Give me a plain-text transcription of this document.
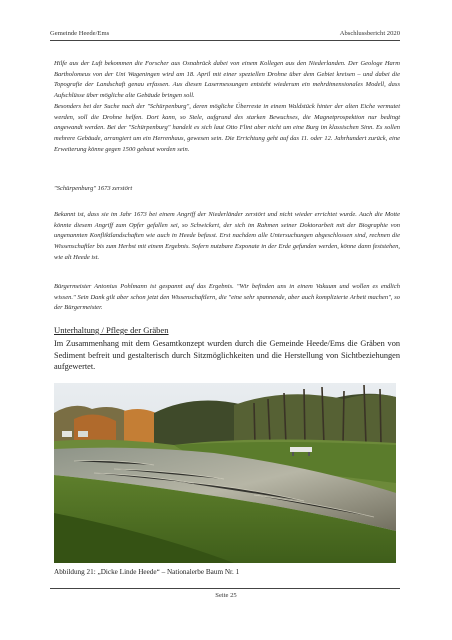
Gemeinde Heede/Ems	Abschlussbericht 2020

Hilfe aus der Luft bekommen die Forscher aus Osnabrück dabei von einem Kollegen aus den Niederlanden. Der Geologe Harm Bartholomeus von der Uni Wageningen wird am 18. April mit einer speziellen Drohne über dem Gebiet kreisen – und dabei die Topografie der Landschaft genau erfassen. Aus diesen Lasermessungen entsteht wiederum ein mehrdimensionales Modell, dass Aufschlüsse über mögliche alte Gebäude bringen soll.

Besonders bei der Suche nach der "Schürpenburg", deren mögliche Überreste in einem Waldstück hinter der alten Eiche vermutet werden, soll die Drohne helfen. Dort kann, so Stele, aufgrund des starken Bewuchses, die Magnetprospektion nur bedingt angewandt werden. Bei der "Schürpenburg" handelt es sich laut Otto Flint aber nicht um eine Burg im klassischen Sinn. Es sollen mehrere Gebäude, arrangiert um ein Herrenhaus, gewesen sein. Die Errichtung geht auf das 11. oder 12. Jahrhundert zurück, eine Erweiterung könne gegen 1500 gebaut worden sein.

"Schürpenburg" 1673 zerstört

Bekannt ist, dass sie im Jahr 1673 bei einem Angriff der Niederländer zerstört und nicht wieder errichtet wurde. Auch die Motte könnte diesem Angriff zum Opfer gefallen sei, so Schwickert, der sich im Rahmen seiner Doktorarbeit mit der Biographie von ungenannten Konfliktlandschaften wie auch in Heede befasst. Erst nachdem alle Untersuchungen abgeschlossen sind, rechnen die Wissenschaftler bis zum Herbst mit einem Ergebnis. Sofern nutzbare Exponate in der Erde gefunden werden, könne dann feststehen, wie alt Heede ist.

Bürgermeister Antonius Pohlmann ist gespannt auf das Ergebnis. "Wir befinden uns in einem Vakuum und wollen es endlich wissen." Sein Dank gilt aber schon jetzt den Wissenschaftlern, die "eine sehr spannende, aber auch komplizierte Arbeit machen", so der Bürgermeister.

Unterhaltung / Pflege der Gräben

Im Zusammenhang mit dem Gesamtkonzept wurden durch die Gemeinde Heede/Ems die Gräben von Sediment befreit und gestalterisch durch Sitzmöglichkeiten und die Herstellung von Sichtbeziehungen aufgewertet.

Abbildung 21: „Dicke Linde Heede“ – Nationalerbe Baum Nr. 1
Seite 25
